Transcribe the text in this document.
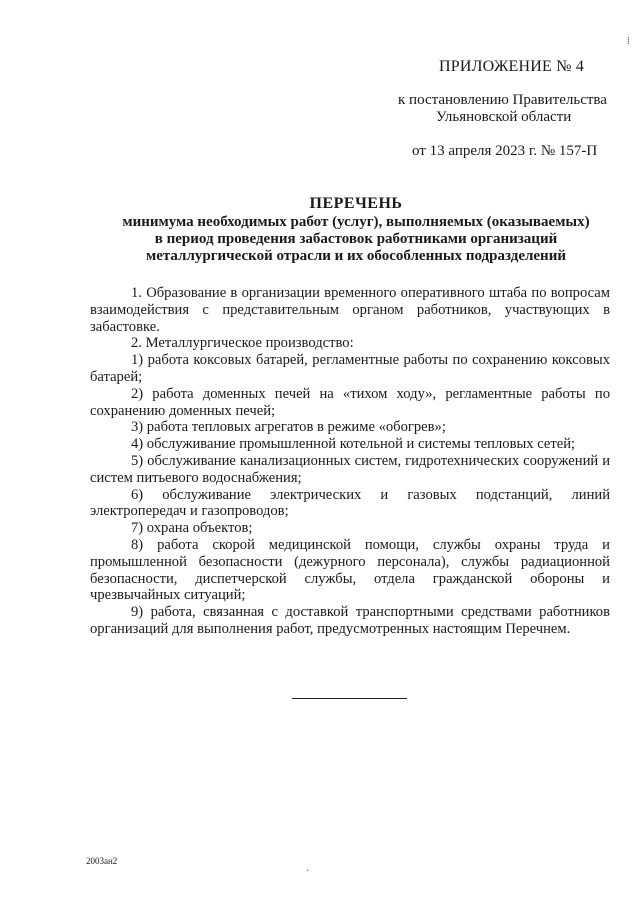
ПРИЛОЖЕНИЕ № 4
к постановлению Правительства
Ульяновской области
от 13 апреля 2023 г. № 157-П
ПЕРЕЧЕНЬ
минимума необходимых работ (услуг), выполняемых (оказываемых)
в период проведения забастовок работниками организаций
металлургической отрасли и их обособленных подразделений

1. Образование в организации временного оперативного штаба по вопросам взаимодействия с представительным органом работников, участвующих в забастовке.

2. Металлургическое производство:

1) работа коксовых батарей, регламентные работы по сохранению коксовых батарей;

2) работа доменных печей на «тихом ходу», регламентные работы по сохранению доменных печей;

3) работа тепловых агрегатов в режиме «обогрев»;

4) обслуживание промышленной котельной и системы тепловых сетей;

5) обслуживание канализационных систем, гидротехнических сооружений и систем питьевого водоснабжения;

6) обслуживание электрических и газовых подстанций, линий электропередач и газопроводов;

7) охрана объектов;

8) работа скорой медицинской помощи, службы охраны труда и промышленной безопасности (дежурного персонала), службы радиационной безопасности, диспетчерской службы, отдела гражданской обороны и чрезвычайных ситуаций;

9) работа, связанная с доставкой транспортными средствами работников организаций для выполнения работ, предусмотренных настоящим Перечнем.

2003ан2
⁞
·
